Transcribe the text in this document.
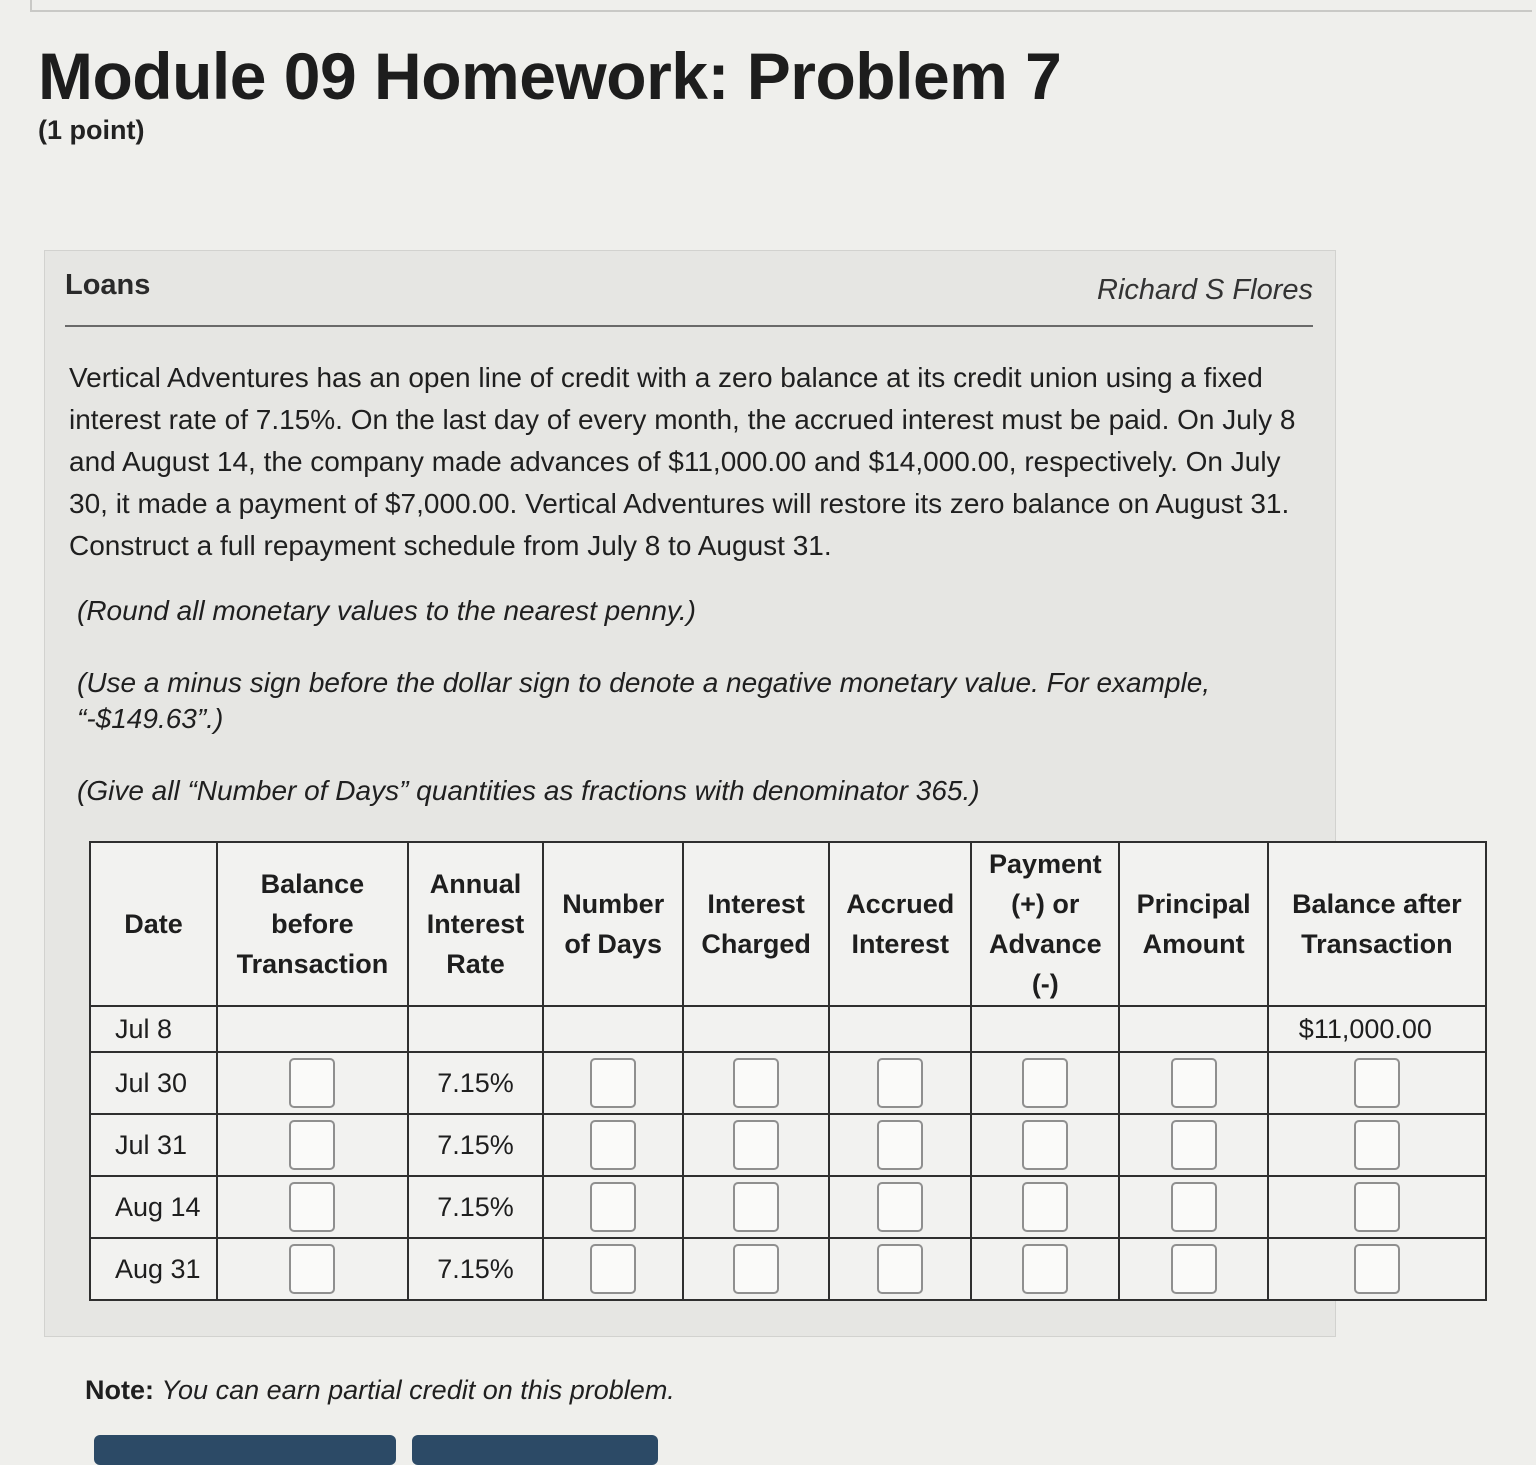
Module 09 Homework: Problem 7
(1 point)
Loans	Richard S Flores
Vertical Adventures has an open line of credit with a zero balance at its credit union using a fixed interest rate of 7.15%. On the last day of every month, the accrued interest must be paid. On July 8 and August 14, the company made advances of $11,000.00 and $14,000.00, respectively. On July 30, it made a payment of $7,000.00. Vertical Adventures will restore its zero balance on August 31. Construct a full repayment schedule from July 8 to August 31.
(Round all monetary values to the nearest penny.)
(Use a minus sign before the dollar sign to denote a negative monetary value. For example, “-$149.63”.)
(Give all “Number of Days” quantities as fractions with denominator 365.)
Date	Balance before Transaction	Annual Interest Rate	Number of Days	Interest Charged	Accrued Interest	Payment (+) or Advance (-)	Principal Amount	Balance after Transaction
Jul 8								$11,000.00
Jul 30		7.15%						
Jul 31		7.15%						
Aug 14		7.15%						
Aug 31		7.15%						
Note: You can earn partial credit on this problem.
